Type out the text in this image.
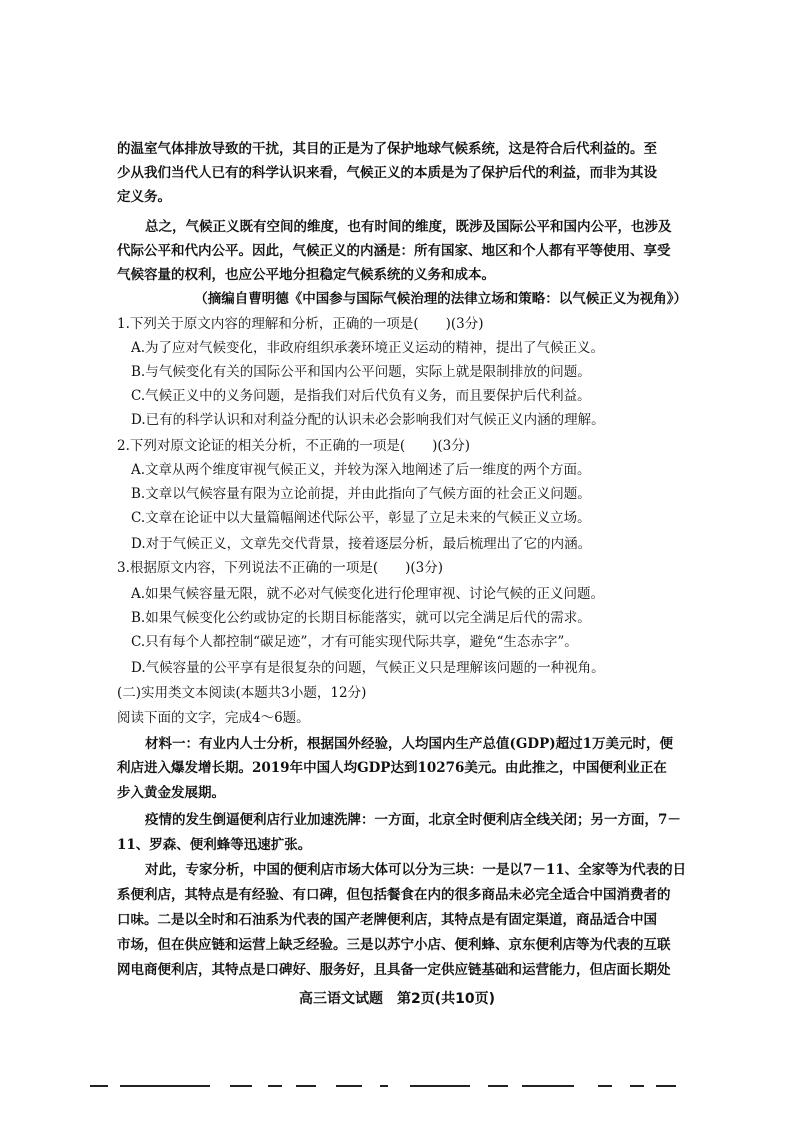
的温室气体排放导致的干扰，其目的正是为了保护地球气候系统，这是符合后代利益的。至
少从我们当代人已有的科学认识来看，气候正义的本质是为了保护后代的利益，而非为其设
定义务。
总之，气候正义既有空间的维度，也有时间的维度，既涉及国际公平和国内公平，也涉及
代际公平和代内公平。因此，气候正义的内涵是：所有国家、地区和个人都有平等使用、享受
气候容量的权利，也应公平地分担稳定气候系统的义务和成本。
（摘编自曹明德《中国参与国际气候治理的法律立场和策略：以气候正义为视角》）
1.下列关于原文内容的理解和分析，正确的一项是(　　)(3分)
A.为了应对气候变化，非政府组织承袭环境正义运动的精神，提出了气候正义。
B.与气候变化有关的国际公平和国内公平问题，实际上就是限制排放的问题。
C.气候正义中的义务问题，是指我们对后代负有义务，而且要保护后代利益。
D.已有的科学认识和对利益分配的认识未必会影响我们对气候正义内涵的理解。
2.下列对原文论证的相关分析，不正确的一项是(　　)(3分)
A.文章从两个维度审视气候正义，并较为深入地阐述了后一维度的两个方面。
B.文章以气候容量有限为立论前提，并由此指向了气候方面的社会正义问题。
C.文章在论证中以大量篇幅阐述代际公平，彰显了立足未来的气候正义立场。
D.对于气候正义，文章先交代背景，接着逐层分析，最后梳理出了它的内涵。
3.根据原文内容，下列说法不正确的一项是(　　)(3分)
A.如果气候容量无限，就不必对气候变化进行伦理审视、讨论气候的正义问题。
B.如果气候变化公约或协定的长期目标能落实，就可以完全满足后代的需求。
C.只有每个人都控制“碳足迹”，才有可能实现代际共享，避免“生态赤字”。
D.气候容量的公平享有是很复杂的问题，气候正义只是理解该问题的一种视角。
(二)实用类文本阅读(本题共3小题，12分)
阅读下面的文字，完成4～6题。
材料一：有业内人士分析，根据国外经验，人均国内生产总值(GDP)超过1万美元时，便
利店进入爆发增长期。2019年中国人均GDP达到10276美元。由此推之，中国便利业正在
步入黄金发展期。
疫情的发生倒逼便利店行业加速洗牌：一方面，北京全时便利店全线关闭；另一方面，7－
11、罗森、便利蜂等迅速扩张。
对此，专家分析，中国的便利店市场大体可以分为三块：一是以7－11、全家等为代表的日
系便利店，其特点是有经验、有口碑，但包括餐食在内的很多商品未必完全适合中国消费者的
口味。二是以全时和石油系为代表的国产老牌便利店，其特点是有固定渠道，商品适合中国
市场，但在供应链和运营上缺乏经验。三是以苏宁小店、便利蜂、京东便利店等为代表的互联
网电商便利店，其特点是口碑好、服务好，且具备一定供应链基础和运营能力，但店面长期处
高三语文试题　第2页(共10页)
